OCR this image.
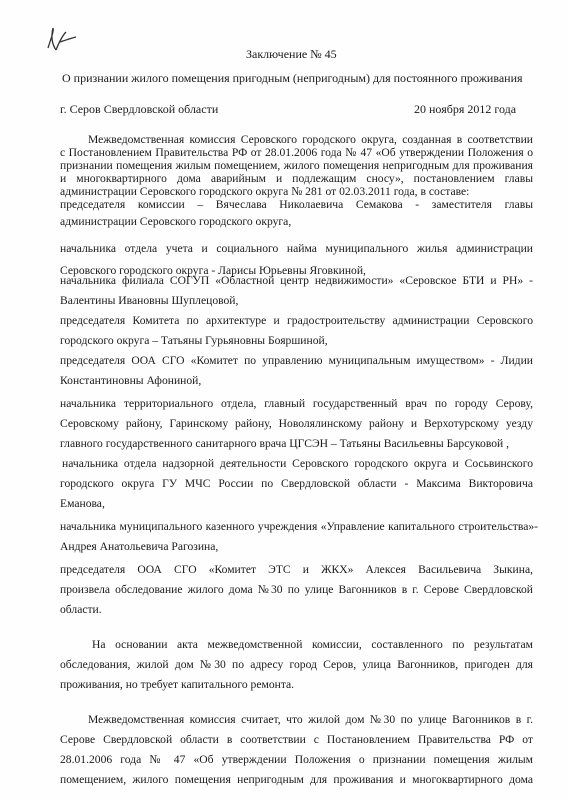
Заключение № 45
О признании жилого помещения пригодным (непригодным) для постоянного проживания
г. Серов Свердловской области	20 ноября 2012 года
Межведомственная комиссия Серовского городского округа, созданная в соответствии
с Постановлением Правительства РФ от 28.01.2006 года № 47 «Об утверждении Положения о
признании помещения жилым помещением, жилого помещения непригодным для проживания
и многоквартирного дома аварийным и подлежащим сносу», постановлением главы
администрации Серовского городского округа № 281 от 02.03.2011 года, в составе:
председателя комиссии – Вячеслава Николаевича Семакова - заместителя главы
администрации Серовского городского округа,
начальника отдела учета и социального найма муниципального жилья администрации
Серовского городского округа - Ларисы Юрьевны Яговкиной,
начальника филиала СОГУП «Областной центр недвижимости» «Серовское БТИ и РН» -
Валентины Ивановны Шуплецовой,
председателя Комитета по архитектуре и градостроительству администрации Серовского
городского округа – Татьяны Гурьяновны Бояршиной,
председателя ООА СГО «Комитет по управлению муниципальным имуществом» - Лидии
Константиновны Афониной,
начальника территориального отдела, главный государственный врач по городу Серову,
Серовскому району, Гаринскому району, Новолялинскому району и Верхотурскому уезду
главного государственного санитарного врача ЦГСЭН – Татьяны Васильевны Барсуковой ,
начальника отдела надзорной деятельности Серовского городского округа и Сосьвинского
городского округа ГУ МЧС России по Свердловской области - Максима Викторовича
Еманова,
начальника муниципального казенного учреждения «Управление капитального строительства»-
Андрея Анатольевича Рагозина,
председателя ООА СГО «Комитет ЭТС и ЖКХ» Алексея Васильевича Зыкина,
произвела обследование жилого дома №30 по улице Вагонников в г. Серове Свердловской
области.
На основании акта межведомственной комиссии, составленного по результатам
обследования, жилой дом №30 по адресу город Серов, улица Вагонников, пригоден для
проживания, но требует капитального ремонта.
Межведомственная комиссия считает, что жилой дом №30 по улице Вагонников в г.
Серове Свердловской области в соответствии с Постановлением Правительства РФ от
28.01.2006 года № 47 «Об утверждении Положения о признании помещения жилым
помещением, жилого помещения непригодным для проживания и многоквартирного дома
